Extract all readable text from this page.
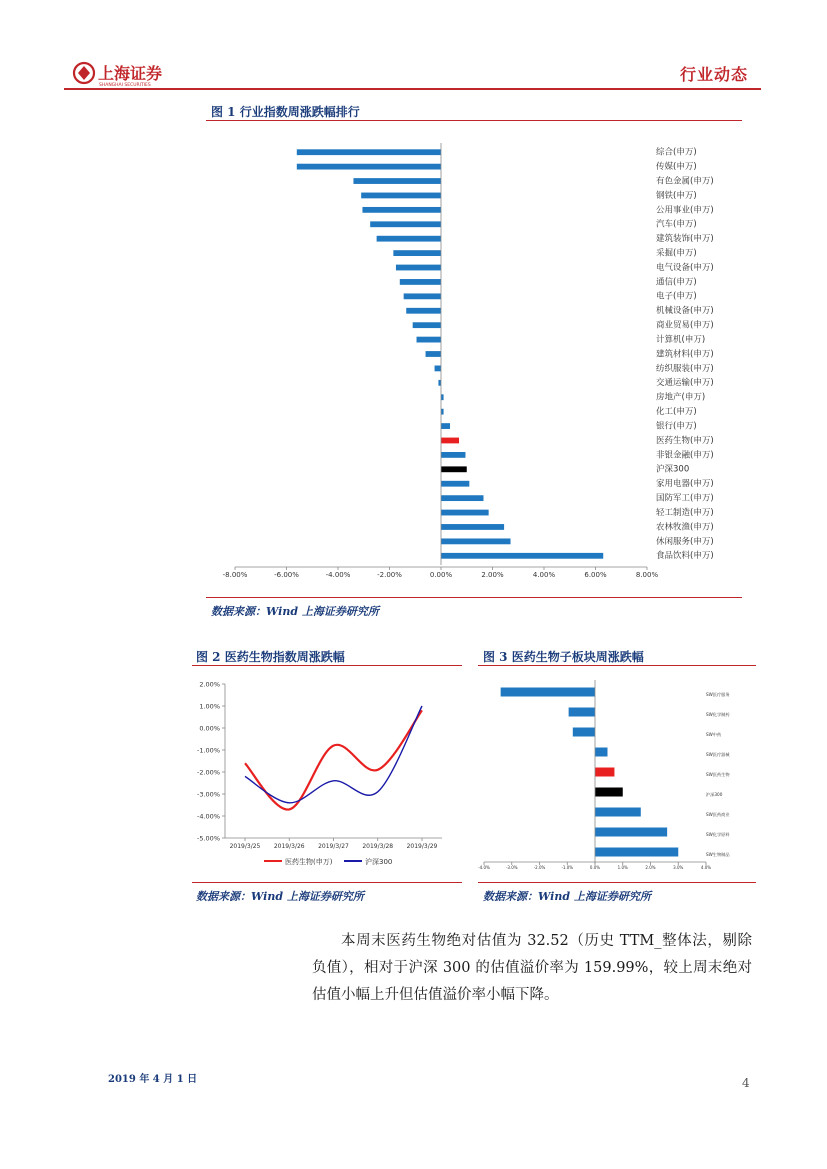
上海证券
SHANGHAI SECURITIES
行业动态
图 1 行业指数周涨跌幅排行
综合(申万)
传媒(申万)
有色金属(申万)
钢铁(申万)
公用事业(申万)
汽车(申万)
建筑装饰(申万)
采掘(申万)
电气设备(申万)
通信(申万)
电子(申万)
机械设备(申万)
商业贸易(申万)
计算机(申万)
建筑材料(申万)
纺织服装(申万)
交通运输(申万)
房地产(申万)
化工(申万)
银行(申万)
医药生物(申万)
非银金融(申万)
沪深300
家用电器(申万)
国防军工(申万)
轻工制造(申万)
农林牧渔(申万)
休闲服务(申万)
食品饮料(申万)
-8.00%	-6.00%	-4.00%	-2.00%	0.00%	2.00%	4.00%	6.00%	8.00%
数据来源：Wind 上海证券研究所
图 2 医药生物指数周涨跌幅
2.00%
1.00%
0.00%
-1.00%
-2.00%
-3.00%
-4.00%
-5.00%
2019/3/25 2019/3/26 2019/3/27 2019/3/28 2019/3/29
医药生物(申万)	沪深300
数据来源：Wind 上海证券研究所
图 3 医药生物子板块周涨跌幅
SW医疗服务
SW化学制药
SW中药
SW医疗器械
SW医药生物
沪深300
SW医药商业
SW化学原料
SW生物制品
-4.0%	-3.0%	-2.0%	-1.0%	0.0%	1.0%	2.0%	3.0%	4.0%
数据来源：Wind 上海证券研究所
本周末医药生物绝对估值为 32.52（历史 TTM_整体法，剔除负值），相对于沪深 300 的估值溢价率为 159.99%，较上周末绝对估值小幅上升但估值溢价率小幅下降。
2019 年 4 月 1 日	4
